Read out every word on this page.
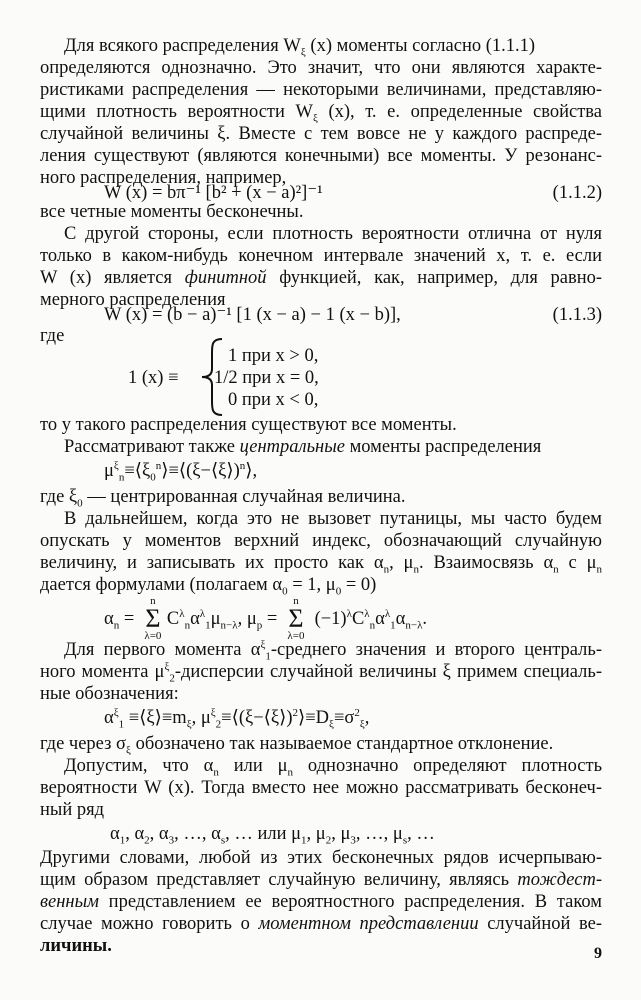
Для всякого распределения $W_\xi$ (x) моменты согласно (1.1.1)
определяются однозначно. Это значит, что они являются характе-
ристиками распределения — некоторыми величинами, представляю-
щими плотность вероятности $W_\xi$ (x), т. е. определенные свойства
случайной величины ξ. Вместе с тем вовсе не у каждого распреде-
ления существуют (являются конечными) все моменты. У резонанс-
ного распределения, например,
W (x) = bπ⁻¹ [b² + (x − a)²]⁻¹	(1.1.2)
все четные моменты бесконечны.
С другой стороны, если плотность вероятности отлична от нуля
только в каком-нибудь конечном интервале значений x, т. е. если
W (x) является финитной функцией, как, например, для равно-
мерного распределения
W (x) = (b − a)⁻¹ [1 (x − a) − 1 (x − b)],	(1.1.3)
где
1 (x) ≡
1 при x > 0,
1/2 при x = 0,
0 при x < 0,
то у такого распределения существуют все моменты.
Рассматривают также центральные моменты распределения
$\mu^\xi_n\equiv⟨\xi_0^n⟩\equiv⟨(\xi-⟨\xi⟩)^n⟩$,
где $\xi_0$ — центрированная случайная величина.
В дальнейшем, когда это не вызовет путаницы, мы часто будем
опускать у моментов верхний индекс, обозначающий случайную
величину, и записывать их просто как $\alpha_n$, $\mu_n$. Взаимосвязь $\alpha_n$ с $\mu_n$
дается формулами (полагаем $\alpha_0 = 1$, $\mu_0 = 0$)
$\alpha_n$ =
n
Σ
λ=0
$C^\lambda_n\alpha^\lambda_1\mu_{n-\lambda}$, $\mu_p$ =
n
Σ
λ=0
$(-1)^\lambda C^\lambda_n\alpha^\lambda_1\alpha_{n-\lambda}$.
Для первого момента $\alpha^\xi_1$-среднего значения и второго централь-
ного момента $\mu^\xi_2$-дисперсии случайной величины ξ примем специаль-
ные обозначения:
$\alpha^\xi_1$ $\equiv⟨\xi⟩\equiv m_\xi$, $\mu^\xi_2\equiv⟨(\xi-⟨\xi⟩)^2⟩\equiv D_\xi\equiv\sigma^2_\xi$,
где через $\sigma_\xi$ обозначено так называемое стандартное отклонение.
Допустим, что $\alpha_n$ или $\mu_n$ однозначно определяют плотность
вероятности W (x). Тогда вместо нее можно рассматривать бесконеч-
ный ряд
$\alpha_1$, $\alpha_2$, $\alpha_3$, …, $\alpha_s$, … или $\mu_1$, $\mu_2$, $\mu_3$, …, $\mu_s$, …
Другими словами, любой из этих бесконечных рядов исчерпываю-
щим образом представляет случайную величину, являясь тождест-
венным представлением ее вероятностного распределения. В таком
случае можно говорить о моментном представлении случайной ве-
личины.	9
